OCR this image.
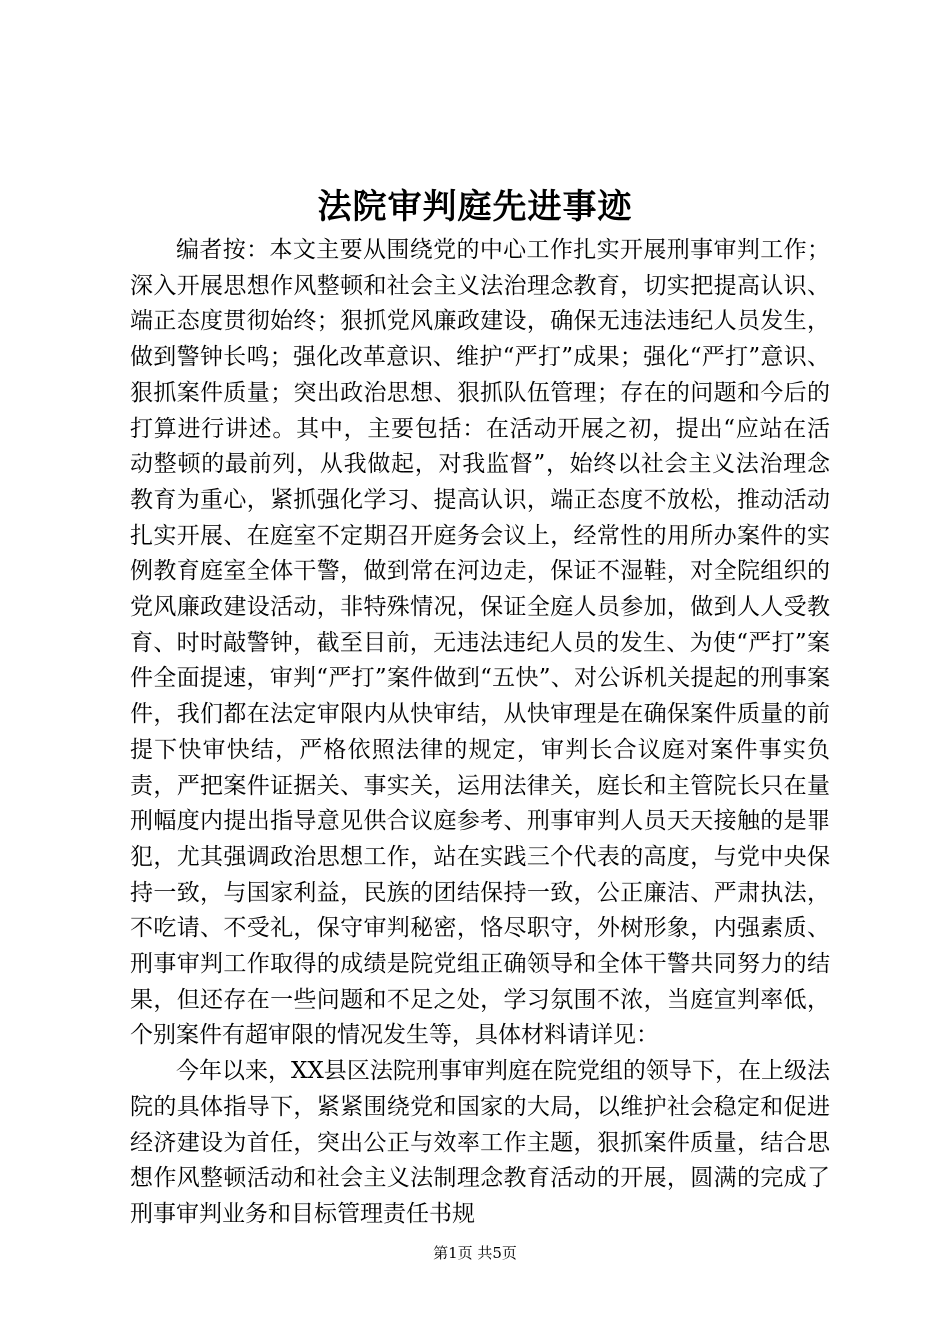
法院审判庭先进事迹

编者按：本文主要从围绕党的中心工作扎实开展刑事审判工作；深入开展思想作风整顿和社会主义法治理念教育，切实把提高认识、端正态度贯彻始终；狠抓党风廉政建设，确保无违法违纪人员发生，做到警钟长鸣；强化改革意识、维护“严打”成果；强化“严打”意识、狠抓案件质量；突出政治思想、狠抓队伍管理；存在的问题和今后的打算进行讲述。其中，主要包括：在活动开展之初，提出“应站在活动整顿的最前列，从我做起，对我监督”，始终以社会主义法治理念教育为重心，紧抓强化学习、提高认识，端正态度不放松，推动活动扎实开展、在庭室不定期召开庭务会议上，经常性的用所办案件的实例教育庭室全体干警，做到常在河边走，保证不湿鞋，对全院组织的党风廉政建设活动，非特殊情况，保证全庭人员参加，做到人人受教育、时时敲警钟，截至目前，无违法违纪人员的发生、为使“严打”案件全面提速，审判“严打”案件做到“五快”、对公诉机关提起的刑事案件，我们都在法定审限内从快审结，从快审理是在确保案件质量的前提下快审快结，严格依照法律的规定，审判长合议庭对案件事实负责，严把案件证据关、事实关，运用法律关，庭长和主管院长只在量刑幅度内提出指导意见供合议庭参考、刑事审判人员天天接触的是罪犯，尤其强调政治思想工作，站在实践三个代表的高度，与党中央保持一致，与国家利益，民族的团结保持一致，公正廉洁、严肃执法，不吃请、不受礼，保守审判秘密，恪尽职守，外树形象，内强素质、刑事审判工作取得的成绩是院党组正确领导和全体干警共同努力的结果，但还存在一些问题和不足之处，学习氛围不浓，当庭宣判率低，个别案件有超审限的情况发生等，具体材料请详见：

今年以来，XX县区法院刑事审判庭在院党组的领导下，在上级法院的具体指导下，紧紧围绕党和国家的大局，以维护社会稳定和促进经济建设为首任，突出公正与效率工作主题，狠抓案件质量，结合思想作风整顿活动和社会主义法制理念教育活动的开展，圆满的完成了刑事审判业务和目标管理责任书规

第1页 共5页
